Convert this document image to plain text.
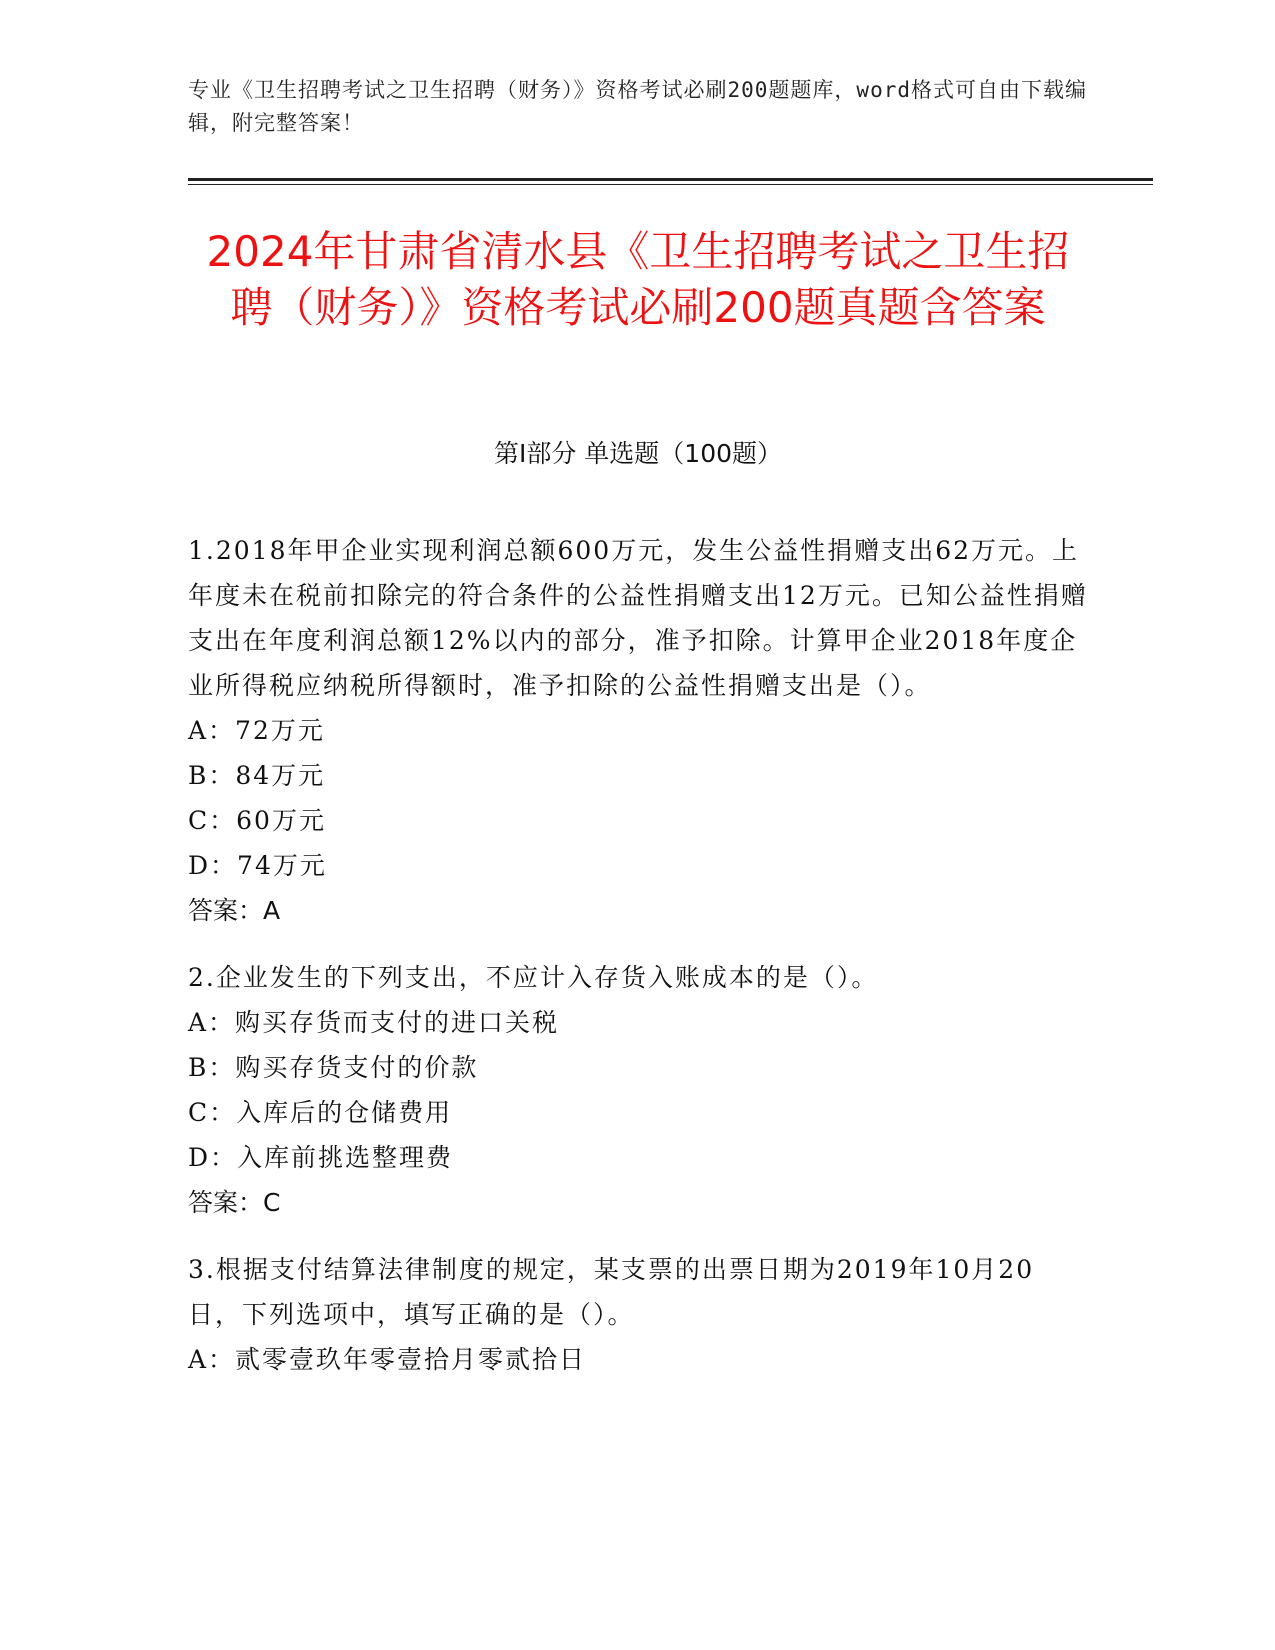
专业《卫生招聘考试之卫生招聘（财务）》资格考试必刷200题题库，word格式可自由下载编辑，附完整答案！
2024年甘肃省清水县《卫生招聘考试之卫生招聘（财务）》资格考试必刷200题真题含答案
第Ⅰ部分 单选题（100题）
1.2018年甲企业实现利润总额600万元，发生公益性捐赠支出62万元。上年度未在税前扣除完的符合条件的公益性捐赠支出12万元。已知公益性捐赠支出在年度利润总额12%以内的部分，准予扣除。计算甲企业2018年度企业所得税应纳税所得额时，准予扣除的公益性捐赠支出是（）。
A：72万元
B：84万元
C：60万元
D：74万元
答案：A
2.企业发生的下列支出，不应计入存货入账成本的是（）。
A：购买存货而支付的进口关税
B：购买存货支付的价款
C：入库后的仓储费用
D：入库前挑选整理费
答案：C
3.根据支付结算法律制度的规定，某支票的出票日期为2019年10月20日，下列选项中，填写正确的是（）。
A：贰零壹玖年零壹拾月零贰拾日
